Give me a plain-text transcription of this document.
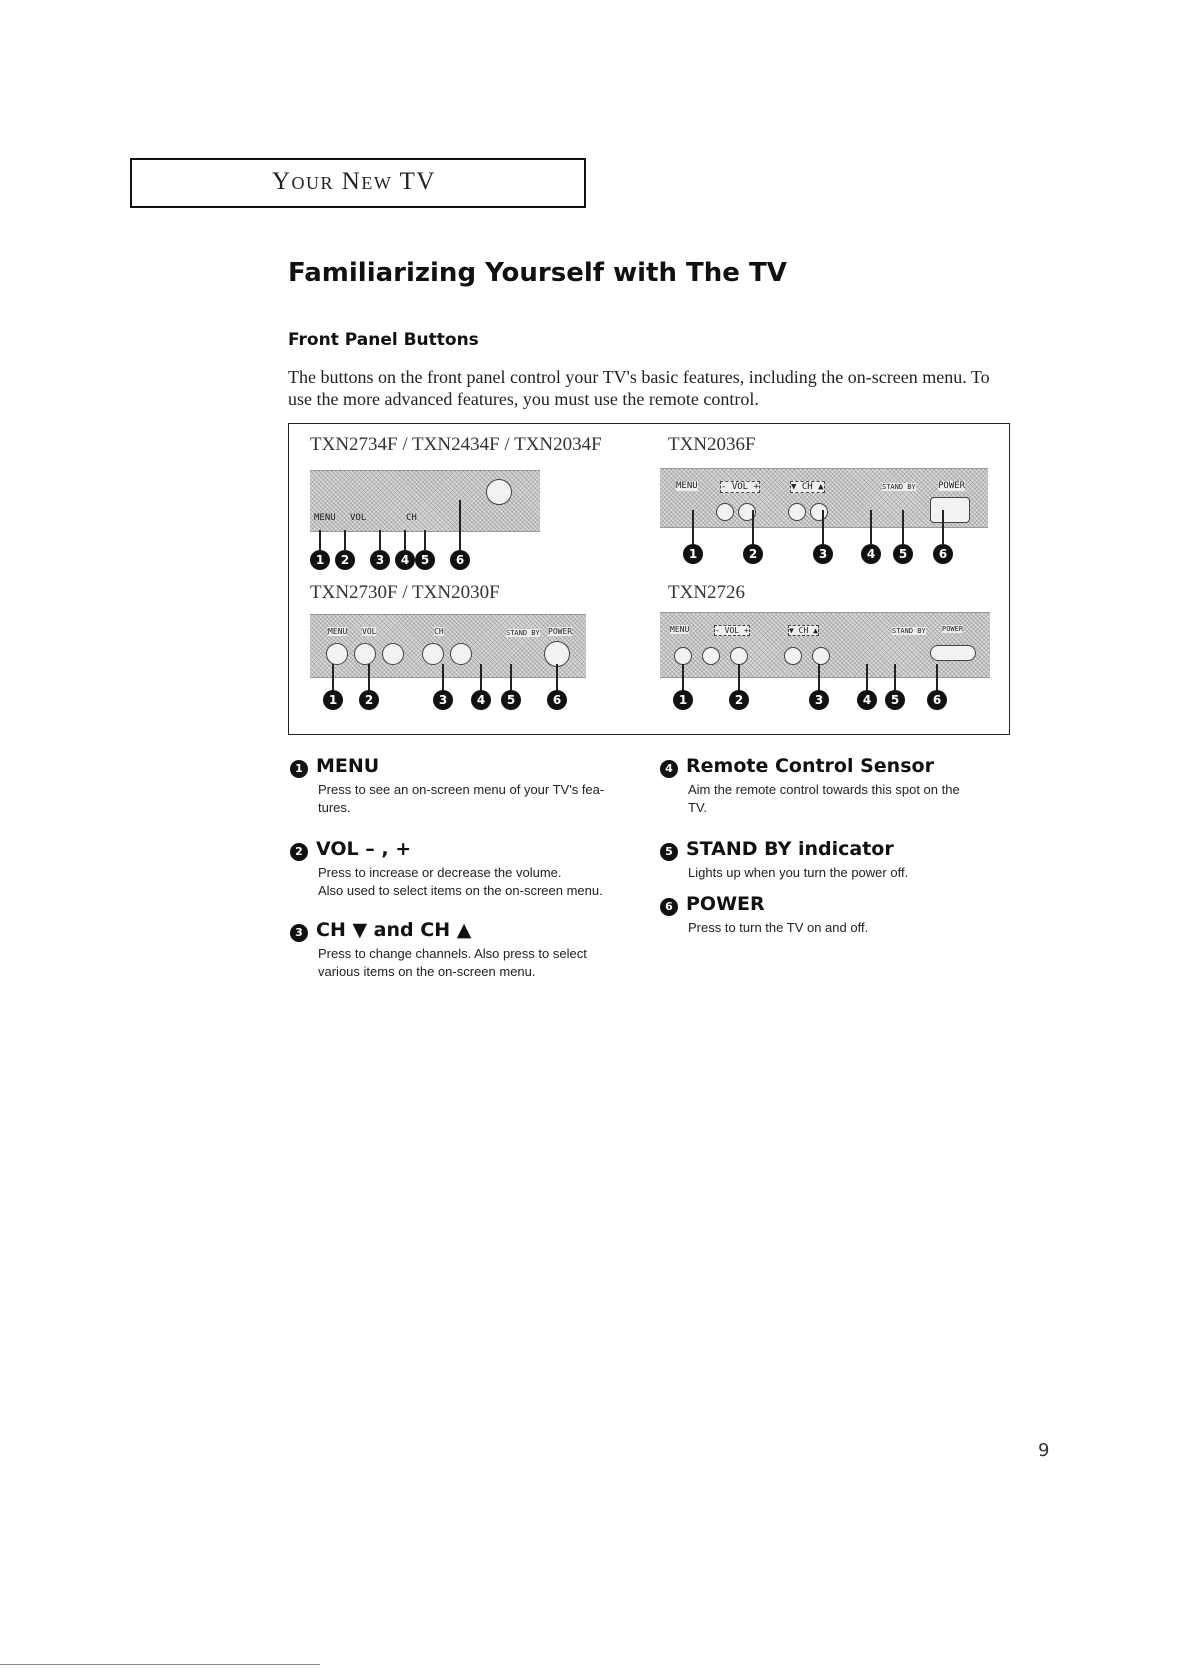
Your New TV
Familiarizing Yourself with The TV
Front Panel Buttons
The buttons on the front panel control your TV's basic features, including the on-screen menu. To use the more advanced features, you must use the remote control.
TXN2734F / TXN2434F / TXN2034F
MENU VOL	CH
1	2	3	4 5	6
TXN2036F
MENU	- VOL +	▼ CH ▲	STAND BY POWER
1	2	3	4	5	6
TXN2730F / TXN2030F
MENU VOL	CH	STAND BY POWER
1	2	3	4	5	6
TXN2726
MENU	- VOL +	▼ CH ▲	STAND BY POWER
1	2	3	4	5	6
1 MENU
Press to see an on-screen menu of your TV's fea-
tures.
2 VOL – , +
Press to increase or decrease the volume.
Also used to select items on the on-screen menu.
3 CH ▼ and CH ▲
Press to change channels. Also press to select
various items on the on-screen menu.
4 Remote Control Sensor
Aim the remote control towards this spot on the
TV.
5 STAND BY indicator
Lights up when you turn the power off.
6 POWER
Press to turn the TV on and off.
9
